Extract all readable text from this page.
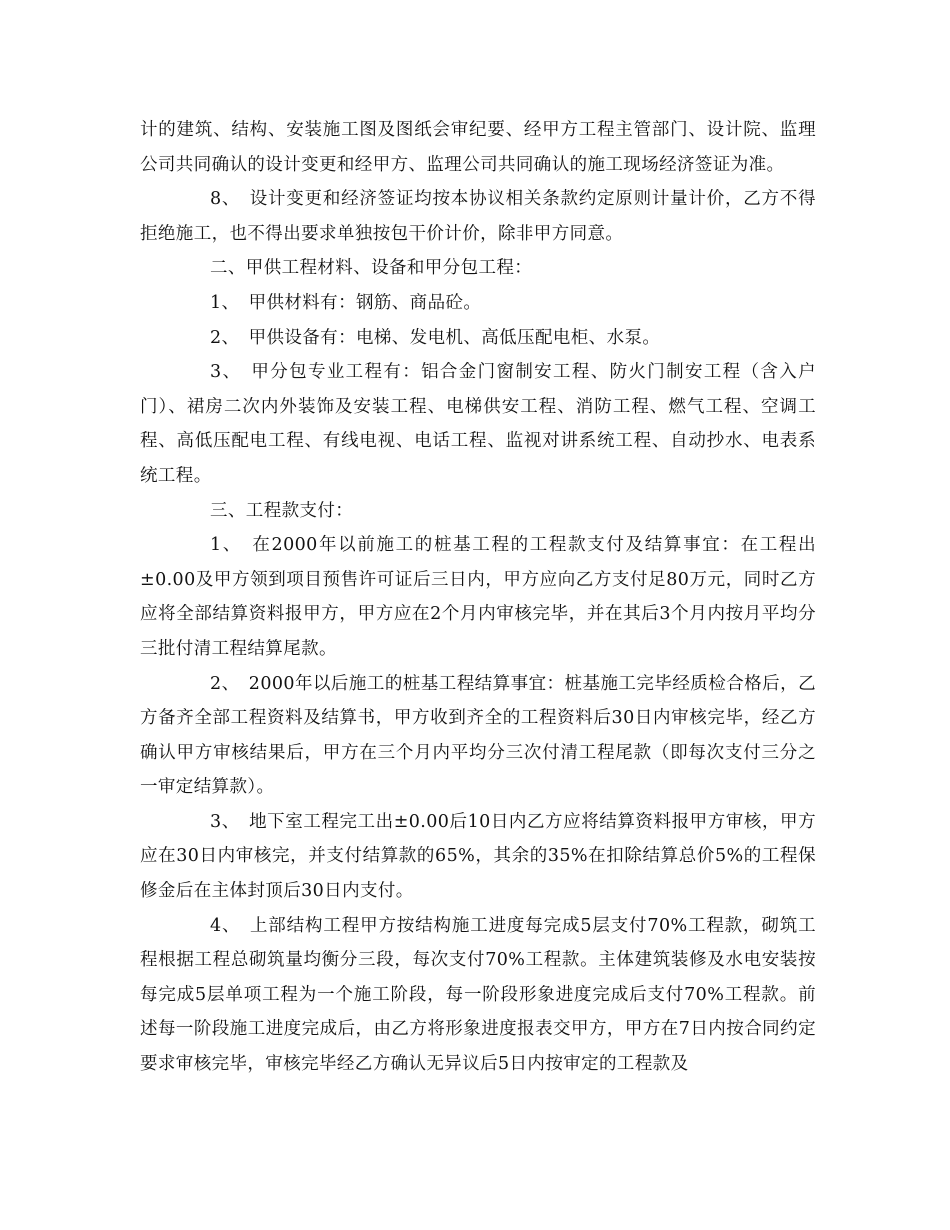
计的建筑、结构、安装施工图及图纸会审纪要、经甲方工程主管部门、设计院、监理公司共同确认的设计变更和经甲方、监理公司共同确认的施工现场经济签证为准。

8、　设计变更和经济签证均按本协议相关条款约定原则计量计价，乙方不得拒绝施工，也不得出要求单独按包干价计价，除非甲方同意。

二、甲供工程材料、设备和甲分包工程：

1、　甲供材料有：钢筋、商品砼。

2、　甲供设备有：电梯、发电机、高低压配电柜、水泵。

3、　甲分包专业工程有：铝合金门窗制安工程、防火门制安工程（含入户门）、裙房二次内外装饰及安装工程、电梯供安工程、消防工程、燃气工程、空调工程、高低压配电工程、有线电视、电话工程、监视对讲系统工程、自动抄水、电表系统工程。

三、工程款支付：

1、　在2000年以前施工的桩基工程的工程款支付及结算事宜：在工程出±0.00及甲方领到项目预售许可证后三日内，甲方应向乙方支付足80万元，同时乙方应将全部结算资料报甲方，甲方应在2个月内审核完毕，并在其后3个月内按月平均分三批付清工程结算尾款。

2、　2000年以后施工的桩基工程结算事宜：桩基施工完毕经质检合格后，乙方备齐全部工程资料及结算书，甲方收到齐全的工程资料后30日内审核完毕，经乙方确认甲方审核结果后，甲方在三个月内平均分三次付清工程尾款（即每次支付三分之一审定结算款）。

3、　地下室工程完工出±0.00后10日内乙方应将结算资料报甲方审核，甲方应在30日内审核完，并支付结算款的65%，其余的35%在扣除结算总价5%的工程保修金后在主体封顶后30日内支付。

4、　上部结构工程甲方按结构施工进度每完成5层支付70%工程款，砌筑工程根据工程总砌筑量均衡分三段，每次支付70%工程款。主体建筑装修及水电安装按每完成5层单项工程为一个施工阶段，每一阶段形象进度完成后支付70%工程款。前述每一阶段施工进度完成后，由乙方将形象进度报表交甲方，甲方在7日内按合同约定要求审核完毕，审核完毕经乙方确认无异议后5日内按审定的工程款及
